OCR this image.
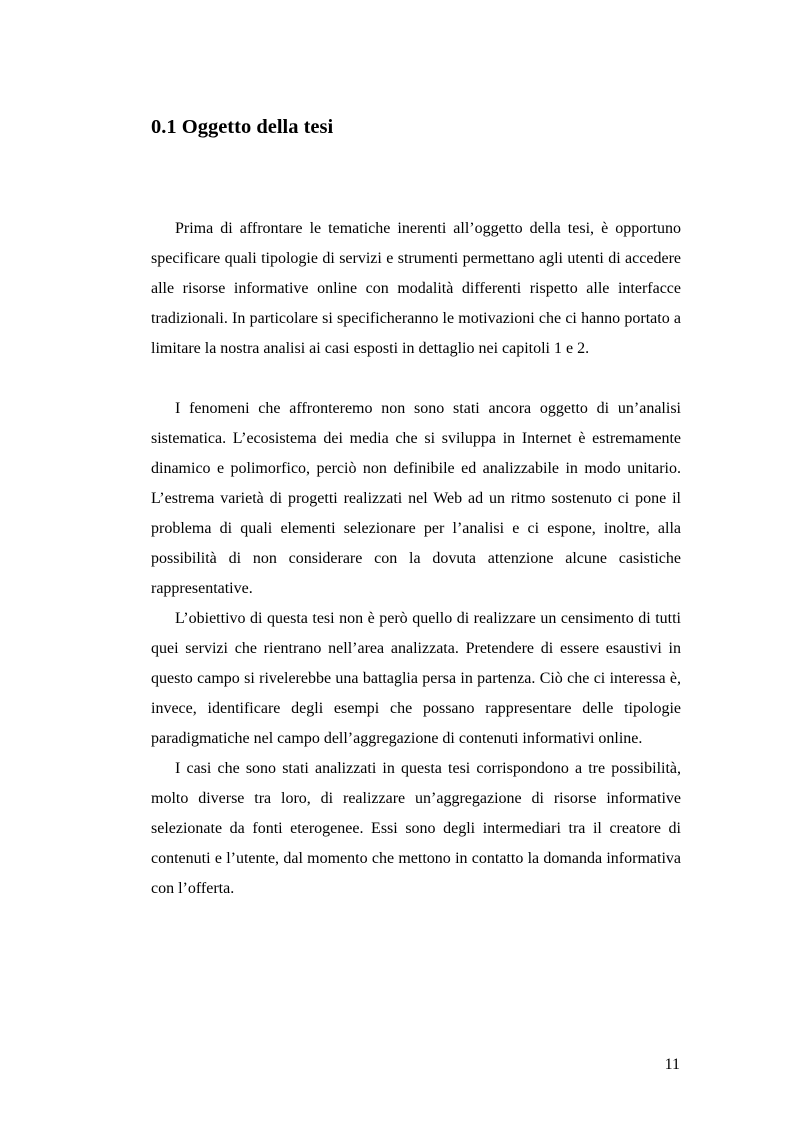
0.1 Oggetto della tesi

Prima di affrontare le tematiche inerenti all’oggetto della tesi, è opportuno specificare quali tipologie di servizi e strumenti permettano agli utenti di accedere alle risorse informative online con modalità differenti rispetto alle interfacce tradizionali. In particolare si specificheranno le motivazioni che ci hanno portato a limitare la nostra analisi ai casi esposti in dettaglio nei capitoli 1 e 2.

I fenomeni che affronteremo non sono stati ancora oggetto di un’analisi sistematica. L’ecosistema dei media che si sviluppa in Internet è estremamente dinamico e polimorfico, perciò non definibile ed analizzabile in modo unitario. L’estrema varietà di progetti realizzati nel Web ad un ritmo sostenuto ci pone il problema di quali elementi selezionare per l’analisi e ci espone, inoltre, alla possibilità di non considerare con la dovuta attenzione alcune casistiche rappresentative.

L’obiettivo di questa tesi non è però quello di realizzare un censimento di tutti quei servizi che rientrano nell’area analizzata. Pretendere di essere esaustivi in questo campo si rivelerebbe una battaglia persa in partenza. Ciò che ci interessa è, invece, identificare degli esempi che possano rappresentare delle tipologie paradigmatiche nel campo dell’aggregazione di contenuti informativi online.

I casi che sono stati analizzati in questa tesi corrispondono a tre possibilità, molto diverse tra loro, di realizzare un’aggregazione di risorse informative selezionate da fonti eterogenee. Essi sono degli intermediari tra il creatore di contenuti e l’utente, dal momento che mettono in contatto la domanda informativa con l’offerta.

11
